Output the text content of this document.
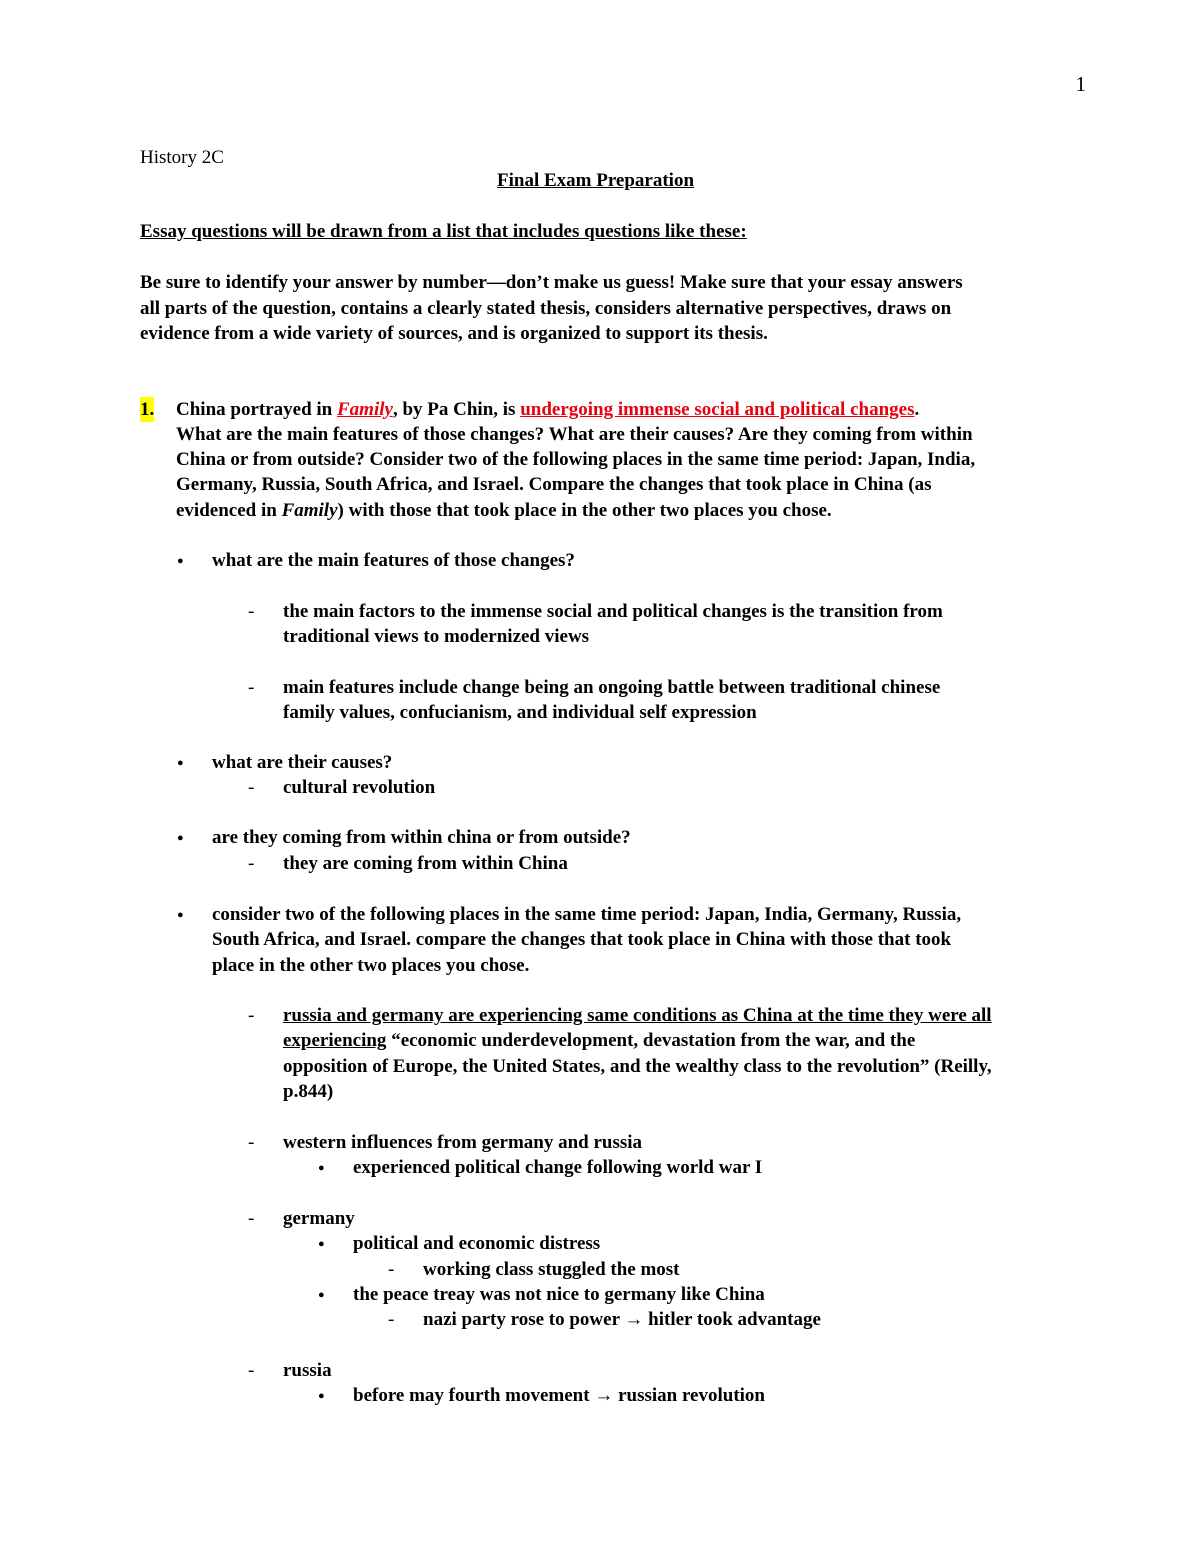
1
History 2C
Final Exam Preparation
Essay questions will be drawn from a list that includes questions like these:
Be sure to identify your answer by number—don’t make us guess! Make sure that your essay answers
all parts of the question, contains a clearly stated thesis, considers alternative perspectives, draws on
evidence from a wide variety of sources, and is organized to support its thesis.
1. China portrayed in Family, by Pa Chin, is undergoing immense social and political changes.
What are the main features of those changes? What are their causes? Are they coming from within
China or from outside? Consider two of the following places in the same time period: Japan, India,
Germany, Russia, South Africa, and Israel. Compare the changes that took place in China (as
evidenced in Family) with those that took place in the other two places you chose.
● what are the main features of those changes?
- the main factors to the immense social and political changes is the transition from
traditional views to modernized views
- main features include change being an ongoing battle between traditional chinese
family values, confucianism, and individual self expression
● what are their causes?
- cultural revolution
● are they coming from within china or from outside?
- they are coming from within China
● consider two of the following places in the same time period: Japan, India, Germany, Russia,
South Africa, and Israel. compare the changes that took place in China with those that took
place in the other two places you chose.
- russia and germany are experiencing same conditions as China at the time they were all
experiencing “economic underdevelopment, devastation from the war, and the
opposition of Europe, the United States, and the wealthy class to the revolution” (Reilly,
p.844)
- western influences from germany and russia
● experienced political change following world war I
- germany
● political and economic distress
- working class stuggled the most
● the peace treay was not nice to germany like China
- nazi party rose to power → hitler took advantage
- russia
● before may fourth movement → russian revolution
